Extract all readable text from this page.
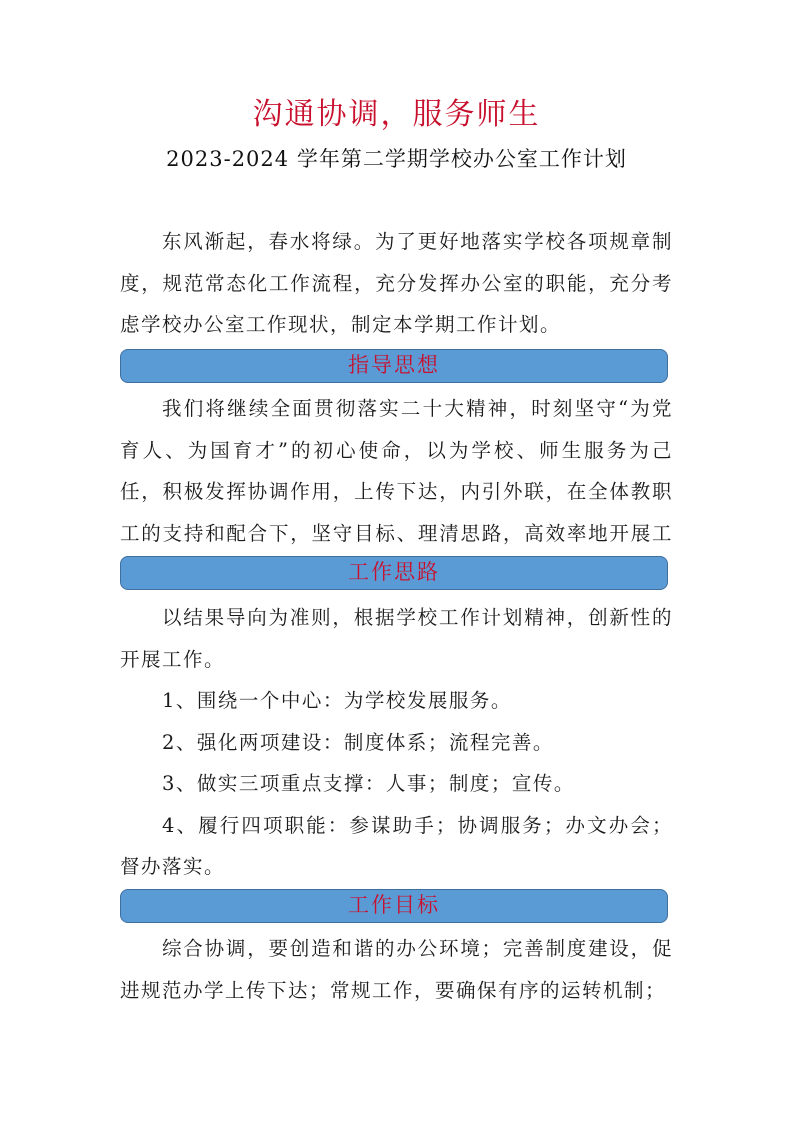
沟通协调，服务师生
2023-2024 学年第二学期学校办公室工作计划

东风渐起，春水将绿。为了更好地落实学校各项规章制度，规范常态化工作流程，充分发挥办公室的职能，充分考虑学校办公室工作现状，制定本学期工作计划。

指导思想

我们将继续全面贯彻落实二十大精神，时刻坚守“为党育人、为国育才”的初心使命，以为学校、师生服务为己任，积极发挥协调作用，上传下达，内引外联，在全体教职工的支持和配合下，坚守目标、理清思路，高效率地开展工

工作思路

以结果导向为准则，根据学校工作计划精神，创新性的开展工作。

1、围绕一个中心：为学校发展服务。

2、强化两项建设：制度体系；流程完善。

3、做实三项重点支撑：人事；制度；宣传。

4、履行四项职能：参谋助手；协调服务；办文办会；督办落实。

工作目标

综合协调，要创造和谐的办公环境；完善制度建设，促进规范办学上传下达；常规工作，要确保有序的运转机制；
